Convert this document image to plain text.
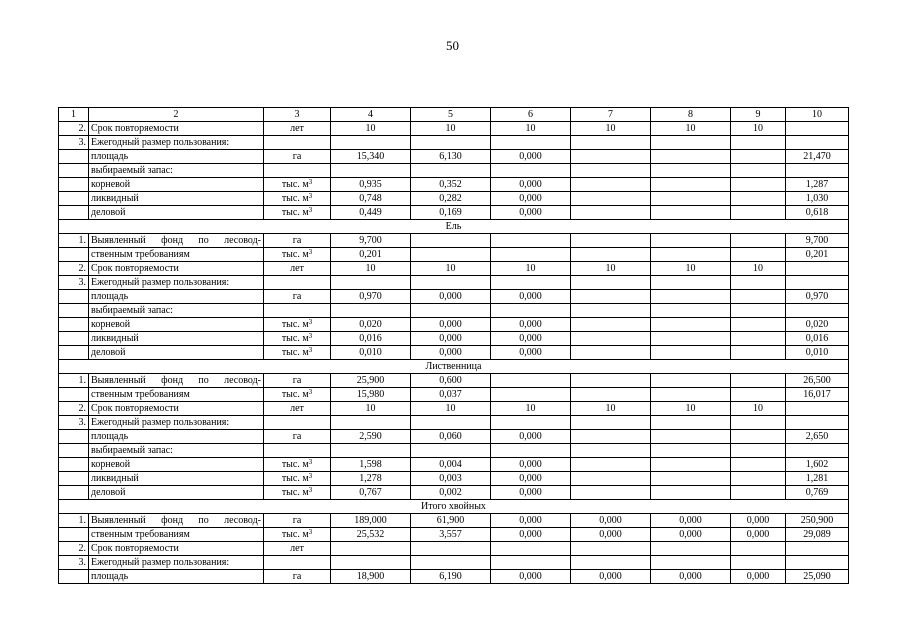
50
1	2	3	4	5	6	7	8	9	10
2.	Срок повторяемости	лет	10	10	10	10	10	10	
3.	Ежегодный размер пользования:								
	площадь	га	15,340	6,130	0,000				21,470
	выбираемый запас:								
	корневой	тыс. $м^3$	0,935	0,352	0,000				1,287
	ликвидный	тыс. $м^3$	0,748	0,282	0,000				1,030
	деловой	тыс. $м^3$	0,449	0,169	0,000				0,618
Ель									
1.	Выявленный фонд по лесовод-	га	9,700						9,700
	ственным требованиям	тыс. $м^3$	0,201						0,201
2.	Срок повторяемости	лет	10	10	10	10	10	10	
3.	Ежегодный размер пользования:								
	площадь	га	0,970	0,000	0,000				0,970
	выбираемый запас:								
	корневой	тыс. $м^3$	0,020	0,000	0,000				0,020
	ликвидный	тыс. $м^3$	0,016	0,000	0,000				0,016
	деловой	тыс. $м^3$	0,010	0,000	0,000				0,010
Лиственница									
1.	Выявленный фонд по лесовод-	га	25,900	0,600					26,500
	ственным требованиям	тыс. $м^3$	15,980	0,037					16,017
2.	Срок повторяемости	лет	10	10	10	10	10	10	
3.	Ежегодный размер пользования:								
	площадь	га	2,590	0,060	0,000				2,650
	выбираемый запас:								
	корневой	тыс. $м^3$	1,598	0,004	0,000				1,602
	ликвидный	тыс. $м^3$	1,278	0,003	0,000				1,281
	деловой	тыс. $м^3$	0,767	0,002	0,000				0,769
Итого хвойных									
1.	Выявленный фонд по лесовод-	га	189,000	61,900	0,000	0,000	0,000	0,000	250,900
	ственным требованиям	тыс. $м^3$	25,532	3,557	0,000	0,000	0,000	0,000	29,089
2.	Срок повторяемости	лет							
3.	Ежегодный размер пользования:								
	площадь	га	18,900	6,190	0,000	0,000	0,000	0,000	25,090
